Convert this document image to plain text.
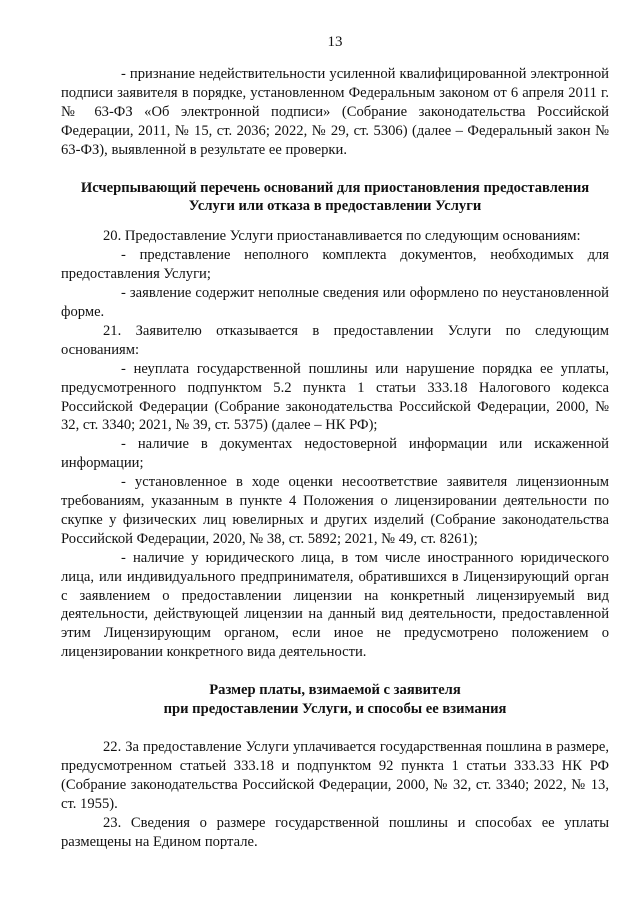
13

- признание недействительности усиленной квалифицированной электронной подписи заявителя в порядке, установленном Федеральным законом от 6 апреля 2011 г. № 63-ФЗ «Об электронной подписи» (Собрание законодательства Российской Федерации, 2011, № 15, ст. 2036; 2022, № 29, ст. 5306) (далее – Федеральный закон № 63-ФЗ), выявленной в результате ее проверки.

Исчерпывающий перечень оснований для приостановления предоставления
Услуги или отказа в предоставлении Услуги

20. Предоставление Услуги приостанавливается по следующим основаниям:

- представление неполного комплекта документов, необходимых для предоставления Услуги;

- заявление содержит неполные сведения или оформлено по неустановленной форме.

21. Заявителю отказывается в предоставлении Услуги по следующим основаниям:

- неуплата государственной пошлины или нарушение порядка ее уплаты, предусмотренного подпунктом 5.2 пункта 1 статьи 333.18 Налогового кодекса Российской Федерации (Собрание законодательства Российской Федерации, 2000, № 32, ст. 3340; 2021, № 39, ст. 5375) (далее – НК РФ);

- наличие в документах недостоверной информации или искаженной информации;

- установленное в ходе оценки несоответствие заявителя лицензионным требованиям, указанным в пункте 4 Положения о лицензировании деятельности по скупке у физических лиц ювелирных и других изделий (Собрание законодательства Российской Федерации, 2020, № 38, ст. 5892; 2021, № 49, ст. 8261);

- наличие у юридического лица, в том числе иностранного юридического лица, или индивидуального предпринимателя, обратившихся в Лицензирующий орган с заявлением о предоставлении лицензии на конкретный лицензируемый вид деятельности, действующей лицензии на данный вид деятельности, предоставленной этим Лицензирующим органом, если иное не предусмотрено положением о лицензировании конкретного вида деятельности.

Размер платы, взимаемой с заявителя
при предоставлении Услуги, и способы ее взимания

22. За предоставление Услуги уплачивается государственная пошлина в размере, предусмотренном статьей 333.18 и подпунктом 92 пункта 1 статьи 333.33 НК РФ (Собрание законодательства Российской Федерации, 2000, № 32, ст. 3340; 2022, № 13, ст. 1955).

23. Сведения о размере государственной пошлины и способах ее уплаты размещены на Едином портале.
